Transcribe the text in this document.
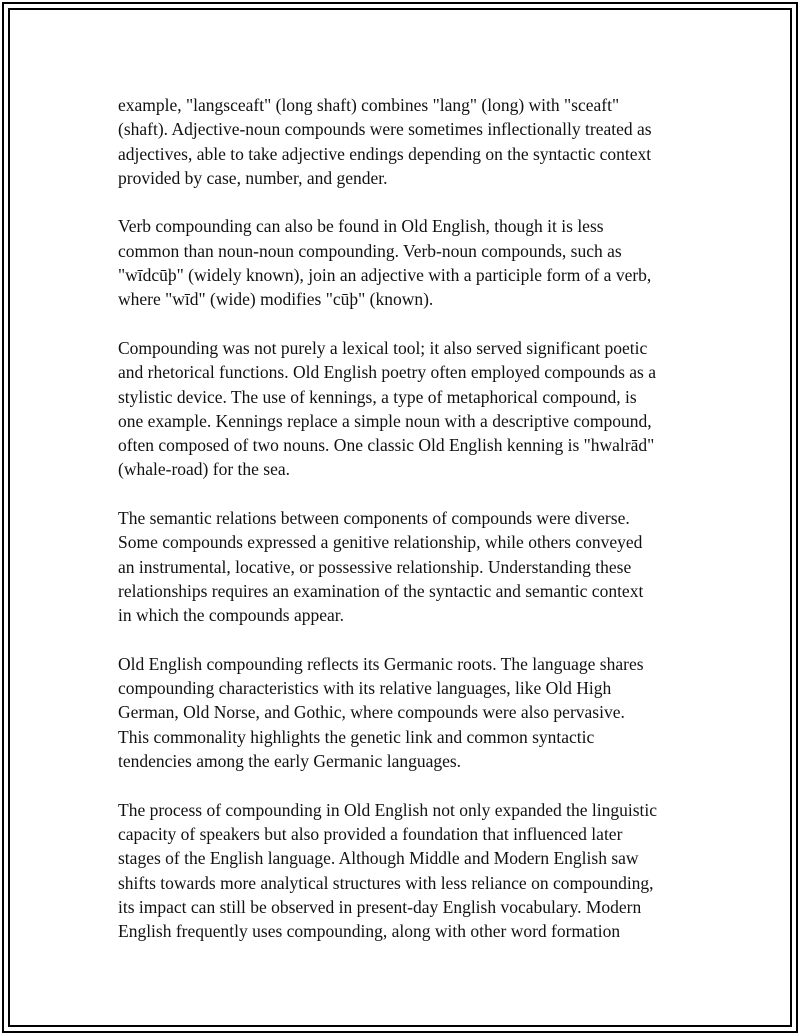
example, "langsceaft" (long shaft) combines "lang" (long) with "sceaft"
(shaft). Adjective-noun compounds were sometimes inflectionally treated as
adjectives, able to take adjective endings depending on the syntactic context
provided by case, number, and gender.

Verb compounding can also be found in Old English, though it is less
common than noun-noun compounding. Verb-noun compounds, such as
"wīdcūþ" (widely known), join an adjective with a participle form of a verb,
where "wīd" (wide) modifies "cūþ" (known).

Compounding was not purely a lexical tool; it also served significant poetic
and rhetorical functions. Old English poetry often employed compounds as a
stylistic device. The use of kennings, a type of metaphorical compound, is
one example. Kennings replace a simple noun with a descriptive compound,
often composed of two nouns. One classic Old English kenning is "hwalrād"
(whale-road) for the sea.

The semantic relations between components of compounds were diverse.
Some compounds expressed a genitive relationship, while others conveyed
an instrumental, locative, or possessive relationship. Understanding these
relationships requires an examination of the syntactic and semantic context
in which the compounds appear.

Old English compounding reflects its Germanic roots. The language shares
compounding characteristics with its relative languages, like Old High
German, Old Norse, and Gothic, where compounds were also pervasive.
This commonality highlights the genetic link and common syntactic
tendencies among the early Germanic languages.

The process of compounding in Old English not only expanded the linguistic
capacity of speakers but also provided a foundation that influenced later
stages of the English language. Although Middle and Modern English saw
shifts towards more analytical structures with less reliance on compounding,
its impact can still be observed in present-day English vocabulary. Modern
English frequently uses compounding, along with other word formation
